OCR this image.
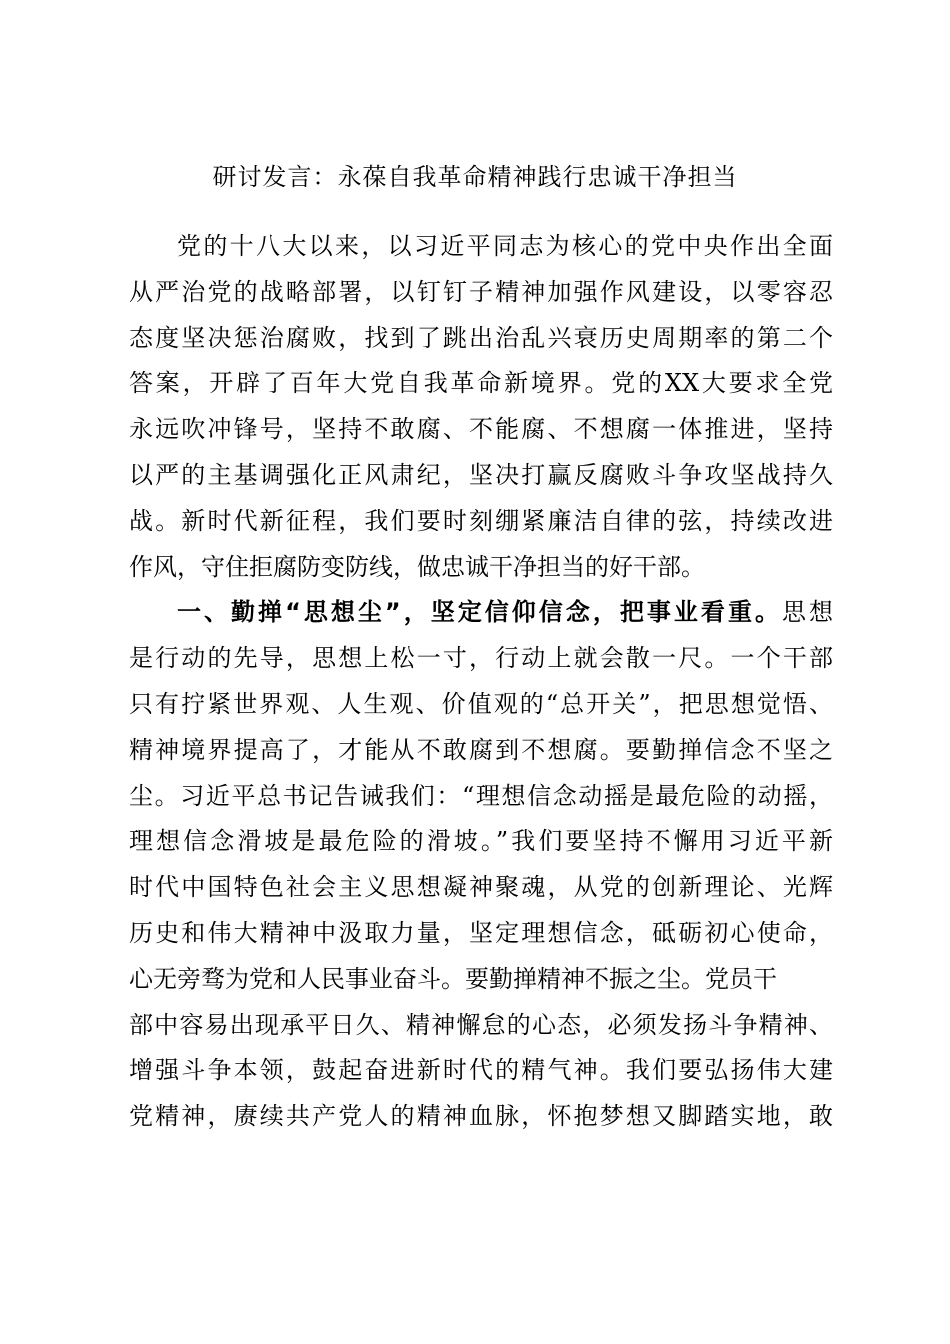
研讨发言：永葆自我革命精神践行忠诚干净担当
党的十八大以来，以习近平同志为核心的党中央作出全面
从严治党的战略部署，以钉钉子精神加强作风建设，以零容忍
态度坚决惩治腐败，找到了跳出治乱兴衰历史周期率的第二个
答案，开辟了百年大党自我革命新境界。党的XX大要求全党
永远吹冲锋号，坚持不敢腐、不能腐、不想腐一体推进，坚持
以严的主基调强化正风肃纪，坚决打赢反腐败斗争攻坚战持久
战。新时代新征程，我们要时刻绷紧廉洁自律的弦，持续改进
作风，守住拒腐防变防线，做忠诚干净担当的好干部。
一、勤掸“思想尘”，坚定信仰信念，把事业看重。思想
是行动的先导，思想上松一寸，行动上就会散一尺。一个干部
只有拧紧世界观、人生观、价值观的“总开关”，把思想觉悟、
精神境界提高了，才能从不敢腐到不想腐。要勤掸信念不坚之
尘。习近平总书记告诫我们：“理想信念动摇是最危险的动摇，
理想信念滑坡是最危险的滑坡。”我们要坚持不懈用习近平新
时代中国特色社会主义思想凝神聚魂，从党的创新理论、光辉
历史和伟大精神中汲取力量，坚定理想信念，砥砺初心使命，
心无旁骛为党和人民事业奋斗。要勤掸精神不振之尘。党员干
部中容易出现承平日久、精神懈怠的心态，必须发扬斗争精神、
增强斗争本领，鼓起奋进新时代的精气神。我们要弘扬伟大建
党精神，赓续共产党人的精神血脉，怀抱梦想又脚踏实地，敢
